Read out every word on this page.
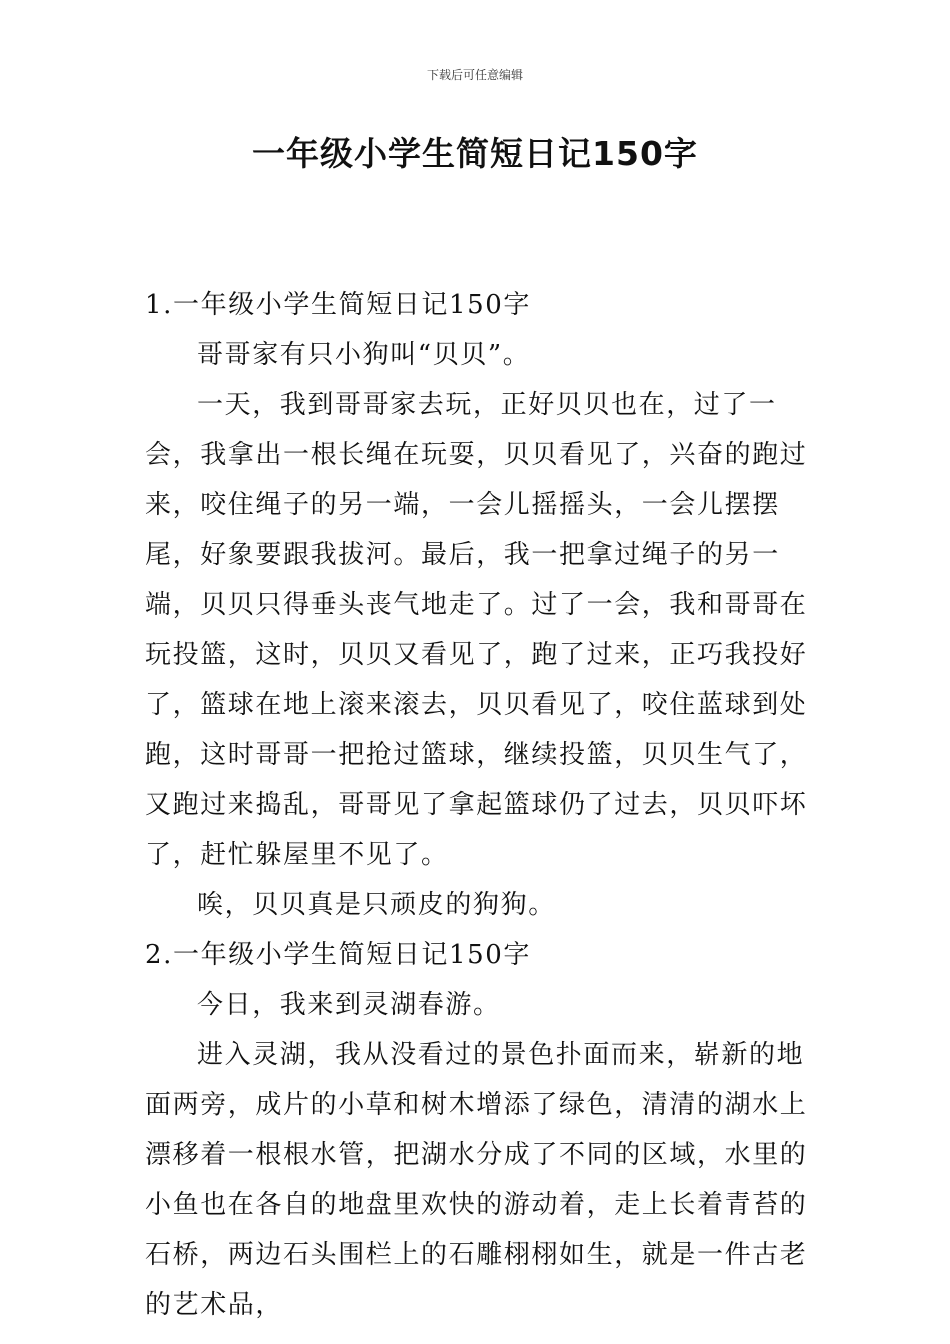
下载后可任意编辑
一年级小学生简短日记150字

1.一年级小学生简短日记150字

哥哥家有只小狗叫“贝贝”。

一天，我到哥哥家去玩，正好贝贝也在，过了一会，我拿出一根长绳在玩耍，贝贝看见了，兴奋的跑过来，咬住绳子的另一端，一会儿摇摇头，一会儿摆摆尾，好象要跟我拔河。最后，我一把拿过绳子的另一端，贝贝只得垂头丧气地走了。过了一会，我和哥哥在玩投篮，这时，贝贝又看见了，跑了过来，正巧我投好了，篮球在地上滚来滚去，贝贝看见了，咬住蓝球到处跑，这时哥哥一把抢过篮球，继续投篮，贝贝生气了，又跑过来捣乱，哥哥见了拿起篮球仍了过去，贝贝吓坏了，赶忙躲屋里不见了。

唉，贝贝真是只顽皮的狗狗。

2.一年级小学生简短日记150字

今日，我来到灵湖春游。

进入灵湖，我从没看过的景色扑面而来，崭新的地面两旁，成片的小草和树木增添了绿色，清清的湖水上漂移着一根根水管，把湖水分成了不同的区域，水里的小鱼也在各自的地盘里欢快的游动着，走上长着青苔的石桥，两边石头围栏上的石雕栩栩如生，就是一件古老的艺术品，
